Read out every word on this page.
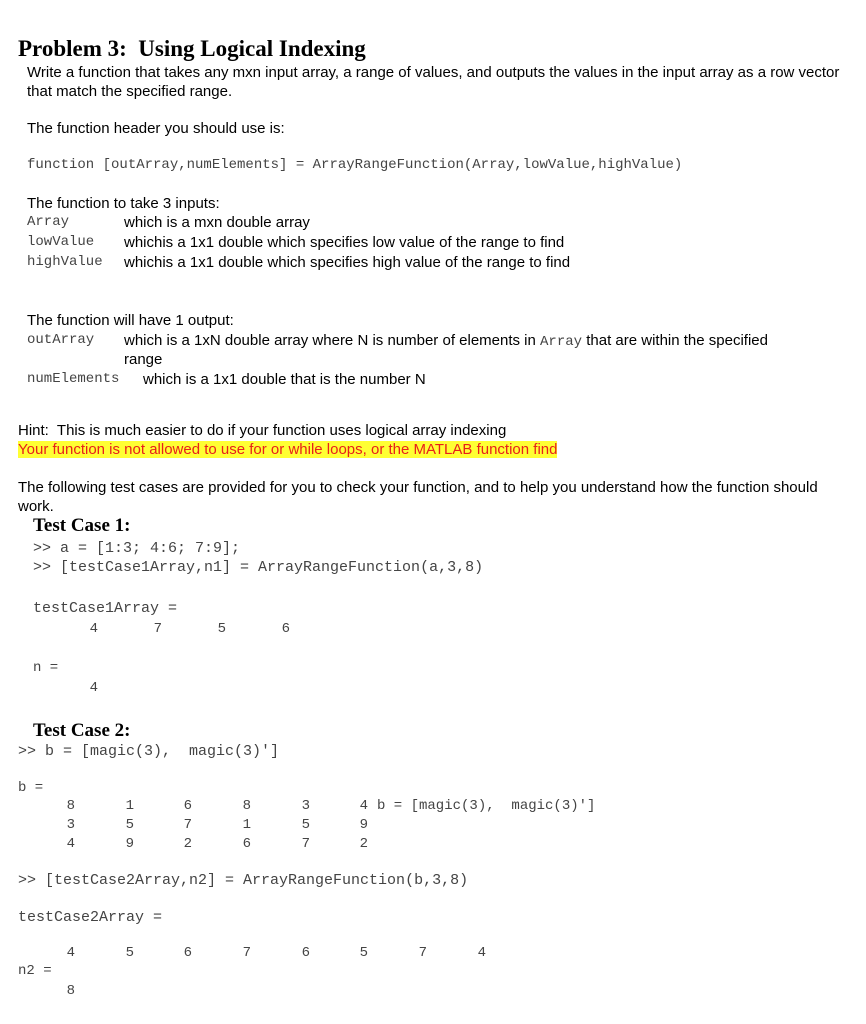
Problem 3:  Using Logical Indexing
Write a function that takes any mxn input array, a range of values, and outputs the values in the input array as a row vector that match the specified range.
The function header you should use is:
function [outArray,numElements] = ArrayRangeFunction(Array,lowValue,highValue)
The function to take 3 inputs:
Array	which is a mxn double array
lowValue whichis a 1x1 double which specifies low value of the range to find
highValue whichis a 1x1 double which specifies high value of the range to find
The function will have 1 output:
outArray which is a 1xN double array where N is number of elements in Array that are within the specified
range
numElements which is a 1x1 double that is the number N
Hint:  This is much easier to do if your function uses logical array indexing
Your function is not allowed to use for or while loops, or the MATLAB function find
The following test cases are provided for you to check your function, and to help you understand how the function should work.
Test Case 1:
>> a = [1:3; 4:6; 7:9];
>> [testCase1Array,n1] = ArrayRangeFunction(a,3,8)
testCase1Array =
4	7	5	6
n =
4
Test Case 2:
>> b = [magic(3),  magic(3)']
b =
8	1	6	8	3	4
3	5	7	1	5	9
4	9	2	6	7	2
b = [magic(3),  magic(3)']
>> [testCase2Array,n2] = ArrayRangeFunction(b,3,8)
testCase2Array =
4	5	6	7	6	5	7	4
n2 =
8
